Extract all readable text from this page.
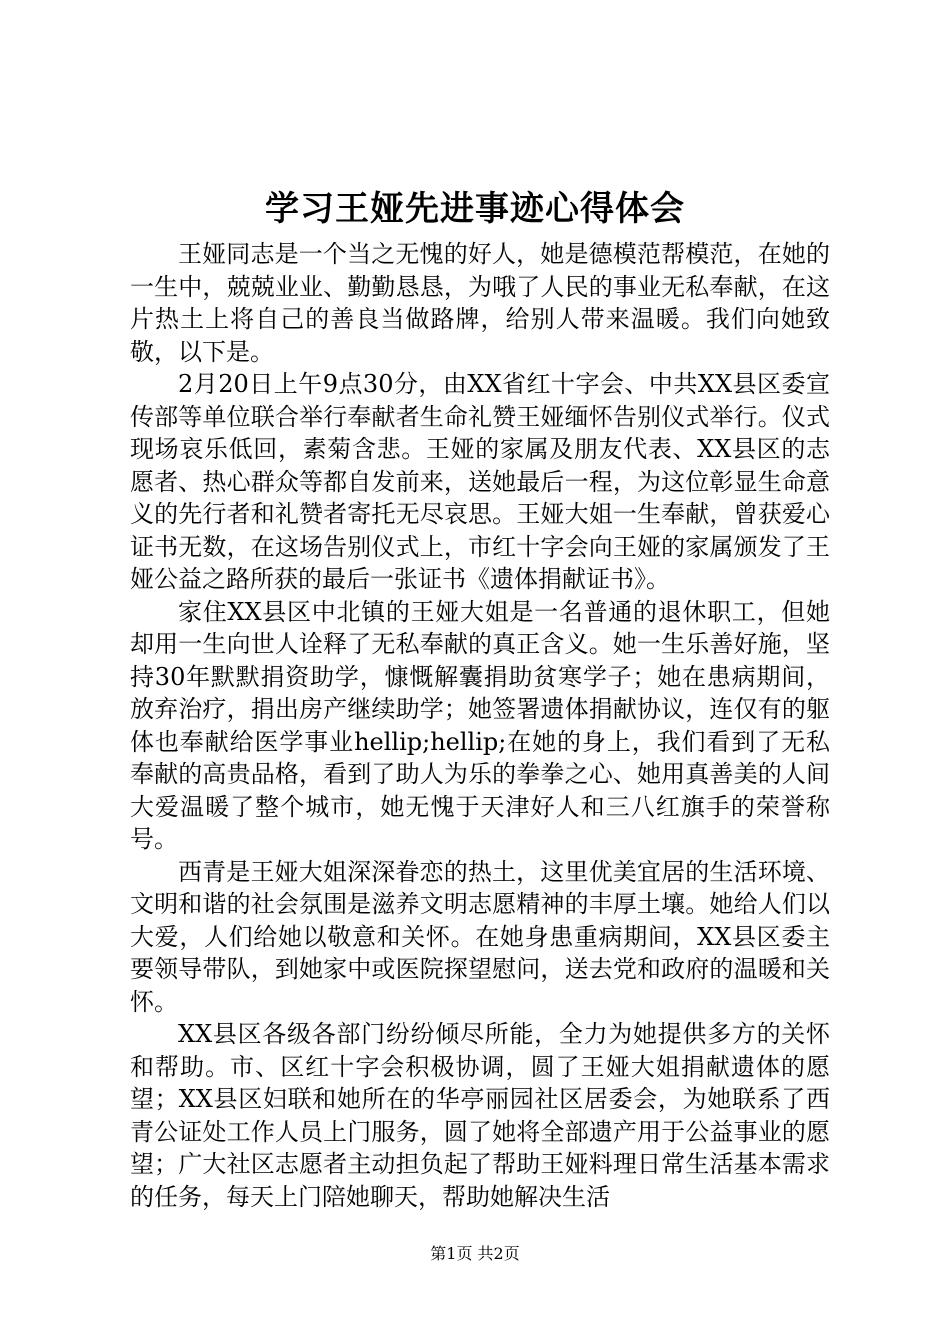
学习王娅先进事迹心得体会

王娅同志是一个当之无愧的好人，她是德模范帮模范，在她的一生中，兢兢业业、勤勤恳恳，为哦了人民的事业无私奉献，在这片热土上将自己的善良当做路牌，给别人带来温暖。我们向她致敬，以下是。

2月20日上午9点30分，由XX省红十字会、中共XX县区委宣传部等单位联合举行奉献者生命礼赞王娅缅怀告别仪式举行。仪式现场哀乐低回，素菊含悲。王娅的家属及朋友代表、XX县区的志愿者、热心群众等都自发前来，送她最后一程，为这位彰显生命意义的先行者和礼赞者寄托无尽哀思。王娅大姐一生奉献，曾获爱心证书无数，在这场告别仪式上，市红十字会向王娅的家属颁发了王娅公益之路所获的最后一张证书《遗体捐献证书》。

家住XX县区中北镇的王娅大姐是一名普通的退休职工，但她却用一生向世人诠释了无私奉献的真正含义。她一生乐善好施，坚持30年默默捐资助学，慷慨解囊捐助贫寒学子；她在患病期间，放弃治疗，捐出房产继续助学；她签署遗体捐献协议，连仅有的躯体也奉献给医学事业hellip;hellip;在她的身上，我们看到了无私奉献的高贵品格，看到了助人为乐的拳拳之心、她用真善美的人间大爱温暖了整个城市，她无愧于天津好人和三八红旗手的荣誉称号。

西青是王娅大姐深深眷恋的热土，这里优美宜居的生活环境、文明和谐的社会氛围是滋养文明志愿精神的丰厚土壤。她给人们以大爱，人们给她以敬意和关怀。在她身患重病期间，XX县区委主要领导带队，到她家中或医院探望慰问，送去党和政府的温暖和关怀。

XX县区各级各部门纷纷倾尽所能，全力为她提供多方的关怀和帮助。市、区红十字会积极协调，圆了王娅大姐捐献遗体的愿望；XX县区妇联和她所在的华亭丽园社区居委会，为她联系了西青公证处工作人员上门服务，圆了她将全部遗产用于公益事业的愿望；广大社区志愿者主动担负起了帮助王娅料理日常生活基本需求的任务，每天上门陪她聊天，帮助她解决生活

第1页 共2页
